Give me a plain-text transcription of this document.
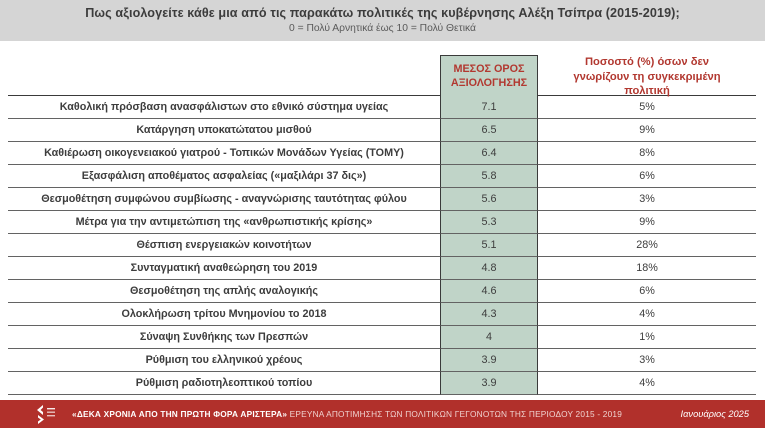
Πως αξιολογείτε κάθε μια από τις παρακάτω πολιτικές της κυβέρνησης Αλέξη Τσίπρα (2015-2019);
0 = Πολύ Αρνητικά έως 10 = Πολύ Θετικά
ΜΕΣΟΣ ΟΡΟΣ ΑΞΙΟΛΟΓΗΣΗΣ
Ποσοστό (%) όσων δεν γνωρίζουν τη συγκεκριμένη πολιτική
Καθολική πρόσβαση ανασφάλιστων στο εθνικό σύστημα υγείας	7.1	5%
Κατάργηση υποκατώτατου μισθού	6.5	9%
Καθιέρωση οικογενειακού γιατρού - Τοπικών Μονάδων Υγείας (ΤΟΜΥ)	6.4	8%
Εξασφάλιση αποθέματος ασφαλείας («μαξιλάρι 37 δις»)	5.8	6%
Θεσμοθέτηση συμφώνου συμβίωσης - αναγνώρισης ταυτότητας φύλου	5.6	3%
Μέτρα για την αντιμετώπιση της «ανθρωπιστικής κρίσης»	5.3	9%
Θέσπιση ενεργειακών κοινοτήτων	5.1	28%
Συνταγματική αναθεώρηση του 2019	4.8	18%
Θεσμοθέτηση της απλής αναλογικής	4.6	6%
Ολοκλήρωση τρίτου Μνημονίου το 2018	4.3	4%
Σύναψη Συνθήκης των Πρεσπών	4	1%
Ρύθμιση του ελληνικού χρέους	3.9	3%
Ρύθμιση ραδιοτηλεοπτικού τοπίου	3.9	4%
«ΔΕΚΑ ΧΡΟΝΙΑ ΑΠΟ ΤΗΝ ΠΡΩΤΗ ΦΟΡΑ ΑΡΙΣΤΕΡΑ» ΕΡΕΥΝΑ ΑΠΟΤΙΜΗΣΗΣ ΤΩΝ ΠΟΛΙΤΙΚΩΝ ΓΕΓΟΝΟΤΩΝ ΤΗΣ ΠΕΡΙΟΔΟΥ 2015 - 2019	Ιανουάριος 2025
